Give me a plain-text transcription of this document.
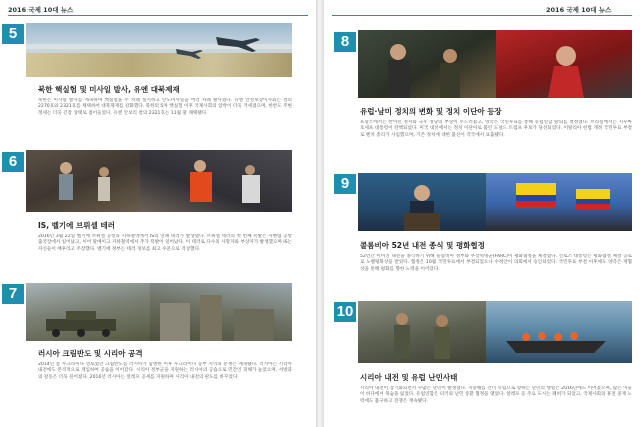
2016 국제 10대 뉴스
5
북한 핵실험 및 미사일 발사, 유엔 대북제재
북한은 미사일 발사를 계속하며 핵실험을 두 차례 실시하고 탄도미사일을 여러 차례 발사했다. 유엔 안전보장이사회는 결의 2270호와 2321호를 채택하여 대북제재를 강화했다. 북한의 5차 핵실험 이후 국제사회의 압박이 더욱 거세졌으며, 한반도 주변 정세는 더욱 긴장 상태로 접어들었다. 유엔 안보리 결의 2321호는 11월 말 채택됐다.
6
IS, 벨기에 브뤼셀 테러
2016년 3월 22일 벨기에 브뤼셀 공항과 지하철역에서 IS의 연쇄 테러가 발생했다. 브뤼셀 테러의 첫 번째 폭발은 자벤템 공항 출국장에서 일어났고, 이어 말베이크 지하철역에서 추가 폭발이 일어났다. 이 테러로 다수의 사망자와 부상자가 발생했으며 IS는 자신들이 배후라고 주장했다. 벨기에 정부는 테러 경보를 최고 수준으로 격상했다.
7
러시아 크림반도 및 시리아 공격
2014년 봄 우크라이나 영토였던 크림반도를 러시아가 합병한 이후 우크라이나 동부 지역의 분쟁은 계속됐다. 러시아는 시리아 내전에도 본격적으로 개입하여 공습을 이어갔다. 시리아 정부군을 지원하는 러시아의 공습으로 민간인 피해가 늘었으며, 서방과의 갈등은 더욱 깊어졌다. 2016년 러시아는 알레포 공세를 지원하며 시리아 내전의 판도를 바꾸었다.
2016 국제 10대 뉴스
8
유럽·남미 정치의 변화 및 정치 이단아 등장
프랑스에서는 반이민 정서와 극우 정당의 부상이 두드러졌고, 영국은 국민투표를 통해 유럽연합 탈퇴를 결정했다. 브라질에서는 지우마 호세프 대통령이 탄핵되었다. 미국 대선에서는 정치 이단아로 불린 도널드 트럼프 후보가 당선되었다. 이탈리아 헌법 개정 국민투표 부결로 렌치 총리가 사임했으며, 기존 정치에 대한 불신이 각국에서 표출됐다.
9
콜롬비아 52년 내전 종식 및 평화협정
52년간 이어진 내전을 종식하기 위해 콜롬비아 정부와 무장혁명군(FARC)이 평화협정을 체결했다. 산토스 대통령은 평화협정 체결 공로로 노벨평화상을 받았다. 협정은 10월 국민투표에서 부결되었으나 수정안이 의회에서 승인되었다. 국민투표 부결 이후에도 양측은 재협상을 통해 평화를 향한 노력을 이어갔다.
10
시리아 내전 및 유럽 난민사태
시리아 내전이 장기화되면서 수많은 난민이 발생했다. 지중해를 건너 유럽으로 향하는 난민의 행렬은 2016년에도 이어졌으며, 많은 이들이 바다에서 목숨을 잃었다. 유럽연합은 터키와 난민 송환 협정을 맺었다. 알레포 등 주요 도시는 폐허가 되었고, 국제사회의 휴전 중재 노력에도 불구하고 전쟁은 계속됐다.
